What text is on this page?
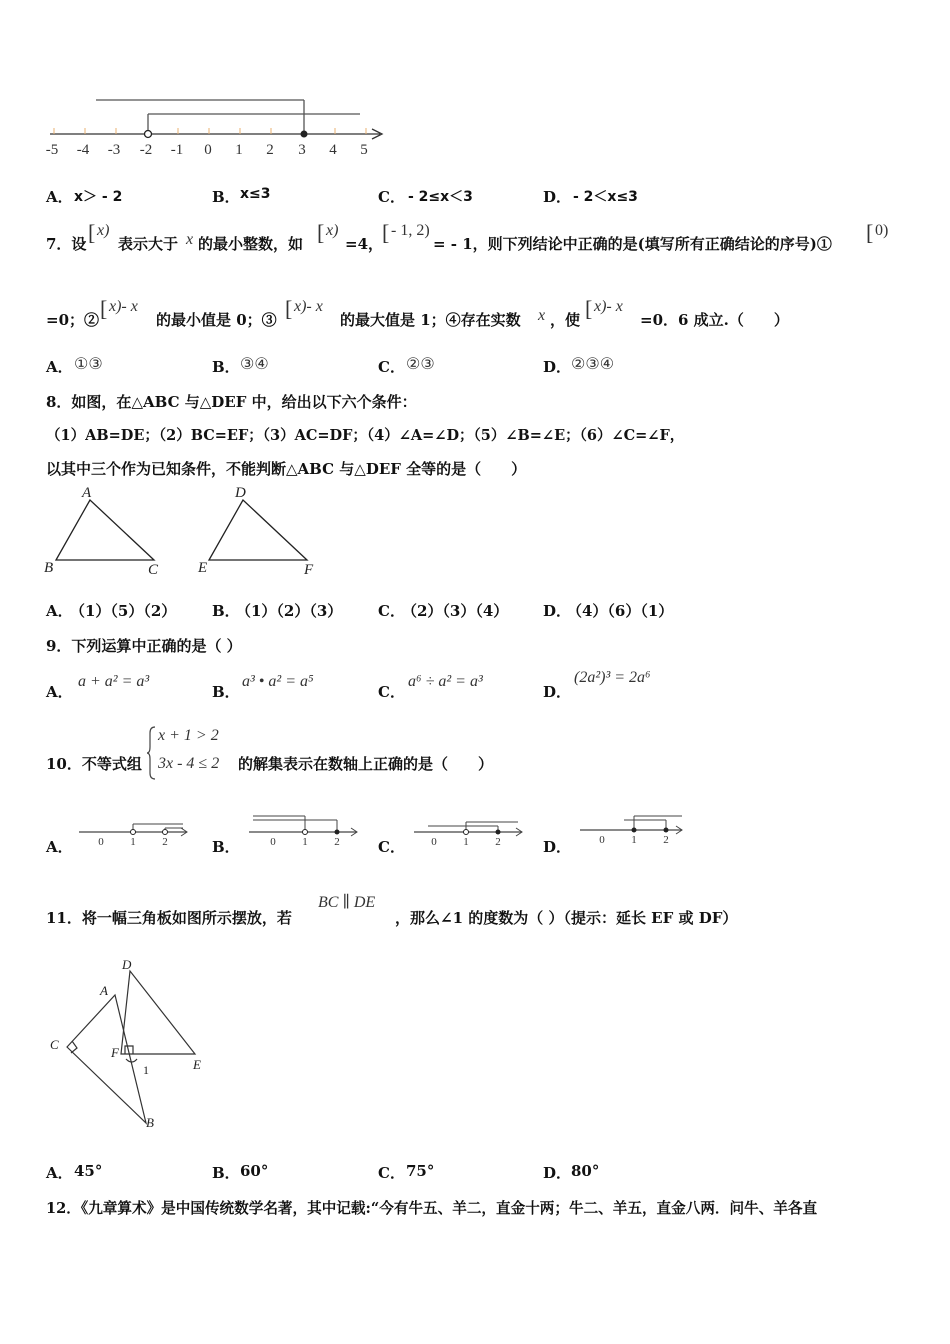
-5 -4 -3 -2 -1 0 1 2 3 4 5
A． x＞ - 2	B． x≤3	C． - 2≤x＜3	D． - 2＜x≤3
7．设 [ x)
表示大于 x 的最小整数，如 [ x)
=4，
[ - 1, 2)
= - 1，则下列结论中正确的是(填写所有正确结论的序号)① [ 0)
=0；② [ x)- x
的最小值是 0；③ [ x)- x
的最大值是 1；④存在实数 x ，使 [ x)- x
=0．6 成立.（　　）
A． ①③	B． ③④	C． ②③	D． ②③④
8．如图，在△ABC 与△DEF 中，给出以下六个条件：
（1）AB=DE；（2）BC=EF；（3）AC=DF；（4）∠A=∠D；（5）∠B=∠E；（6）∠C=∠F，
以其中三个作为已知条件，不能判断△ABC 与△DEF 全等的是（　　）
A
B	C
D
E	F
A．
（1）（5）（2） B．
（1）（2）（3） C．
（2）（3）（4） D．
（4）（6）（1）
9．下列运算中正确的是（ ）
A．
a + a² = a³
B．
a³ • a² = a⁵
C．
a⁶ ÷ a² = a³
D．
(2a²)³ = 2a⁶
10．不等式组
x + 1 > 2
3x - 4 ≤ 2 的解集表示在数轴上正确的是（　　）
A． 0 1 2	B．	0 1 2	C． 0 1 2	D．	0 1 2
11．将一幅三角板如图所示摆放，若
BC ∥ DE
，那么∠1 的度数为（ ）（提示：延长 EF 或 DF）
D
A
C
F
E
1
B
A． 45°	B． 60°	C． 75°	D． 80°
12．《九章算术》是中国传统数学名著，其中记载:“今有牛五、羊二，直金十两；牛二、羊五，直金八两．问牛、羊各直
